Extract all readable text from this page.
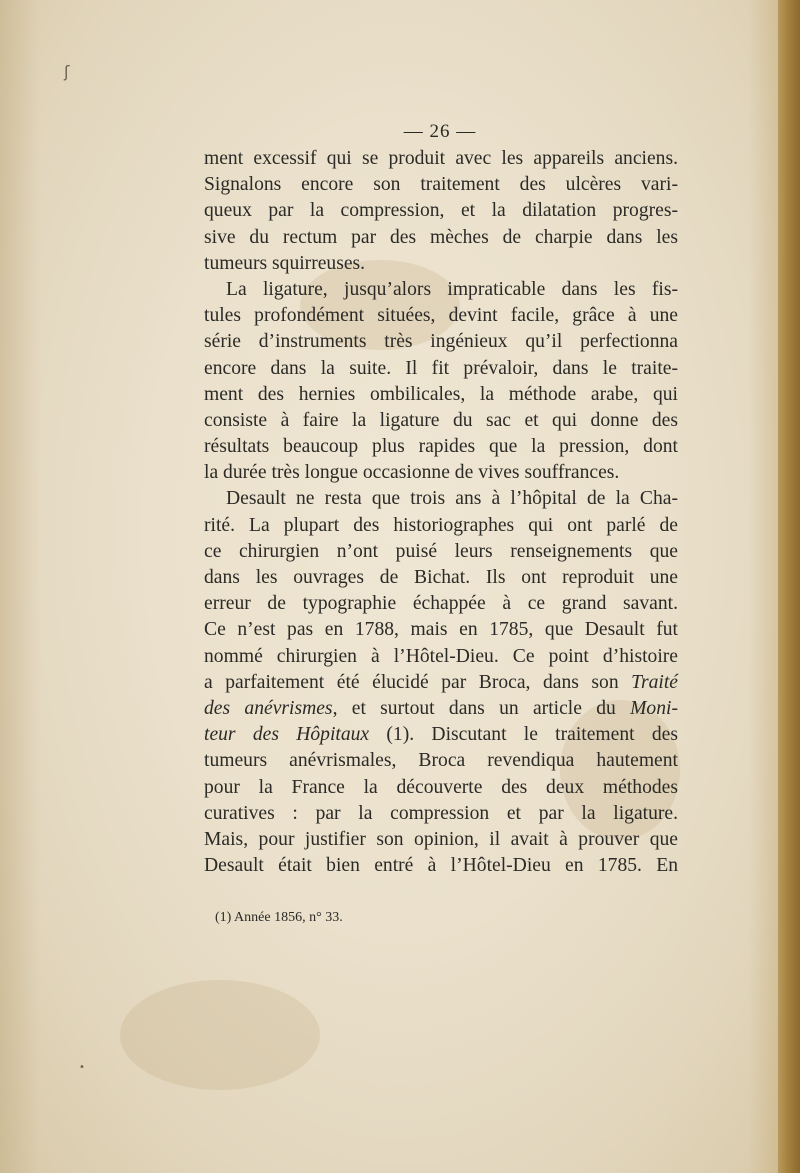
ʃ
•
— 26 —
ment excessif qui se produit avec les appareils anciens.
Signalons encore son traitement des ulcères vari-
queux par la compression, et la dilatation progres-
sive du rectum par des mèches de charpie dans les
tumeurs squirreuses.
La ligature, jusqu’alors impraticable dans les fis-
tules profondément situées, devint facile, grâce à une
série d’instruments très ingénieux qu’il perfectionna
encore dans la suite. Il fit prévaloir, dans le traite-
ment des hernies ombilicales, la méthode arabe, qui
consiste à faire la ligature du sac et qui donne des
résultats beaucoup plus rapides que la pression, dont
la durée très longue occasionne de vives souffrances.
Desault ne resta que trois ans à l’hôpital de la Cha-
rité. La plupart des historiographes qui ont parlé de
ce chirurgien n’ont puisé leurs renseignements que
dans les ouvrages de Bichat. Ils ont reproduit une
erreur de typographie échappée à ce grand savant.
Ce n’est pas en 1788, mais en 1785, que Desault fut
nommé chirurgien à l’Hôtel-Dieu. Ce point d’histoire
a parfaitement été élucidé par Broca, dans son Traité
des anévrismes, et surtout dans un article du Moni-
teur des Hôpitaux (1). Discutant le traitement des
tumeurs anévrismales, Broca revendiqua hautement
pour la France la découverte des deux méthodes
curatives : par la compression et par la ligature.
Mais, pour justifier son opinion, il avait à prouver que
Desault était bien entré à l’Hôtel-Dieu en 1785. En
(1) Année 1856, n° 33.
